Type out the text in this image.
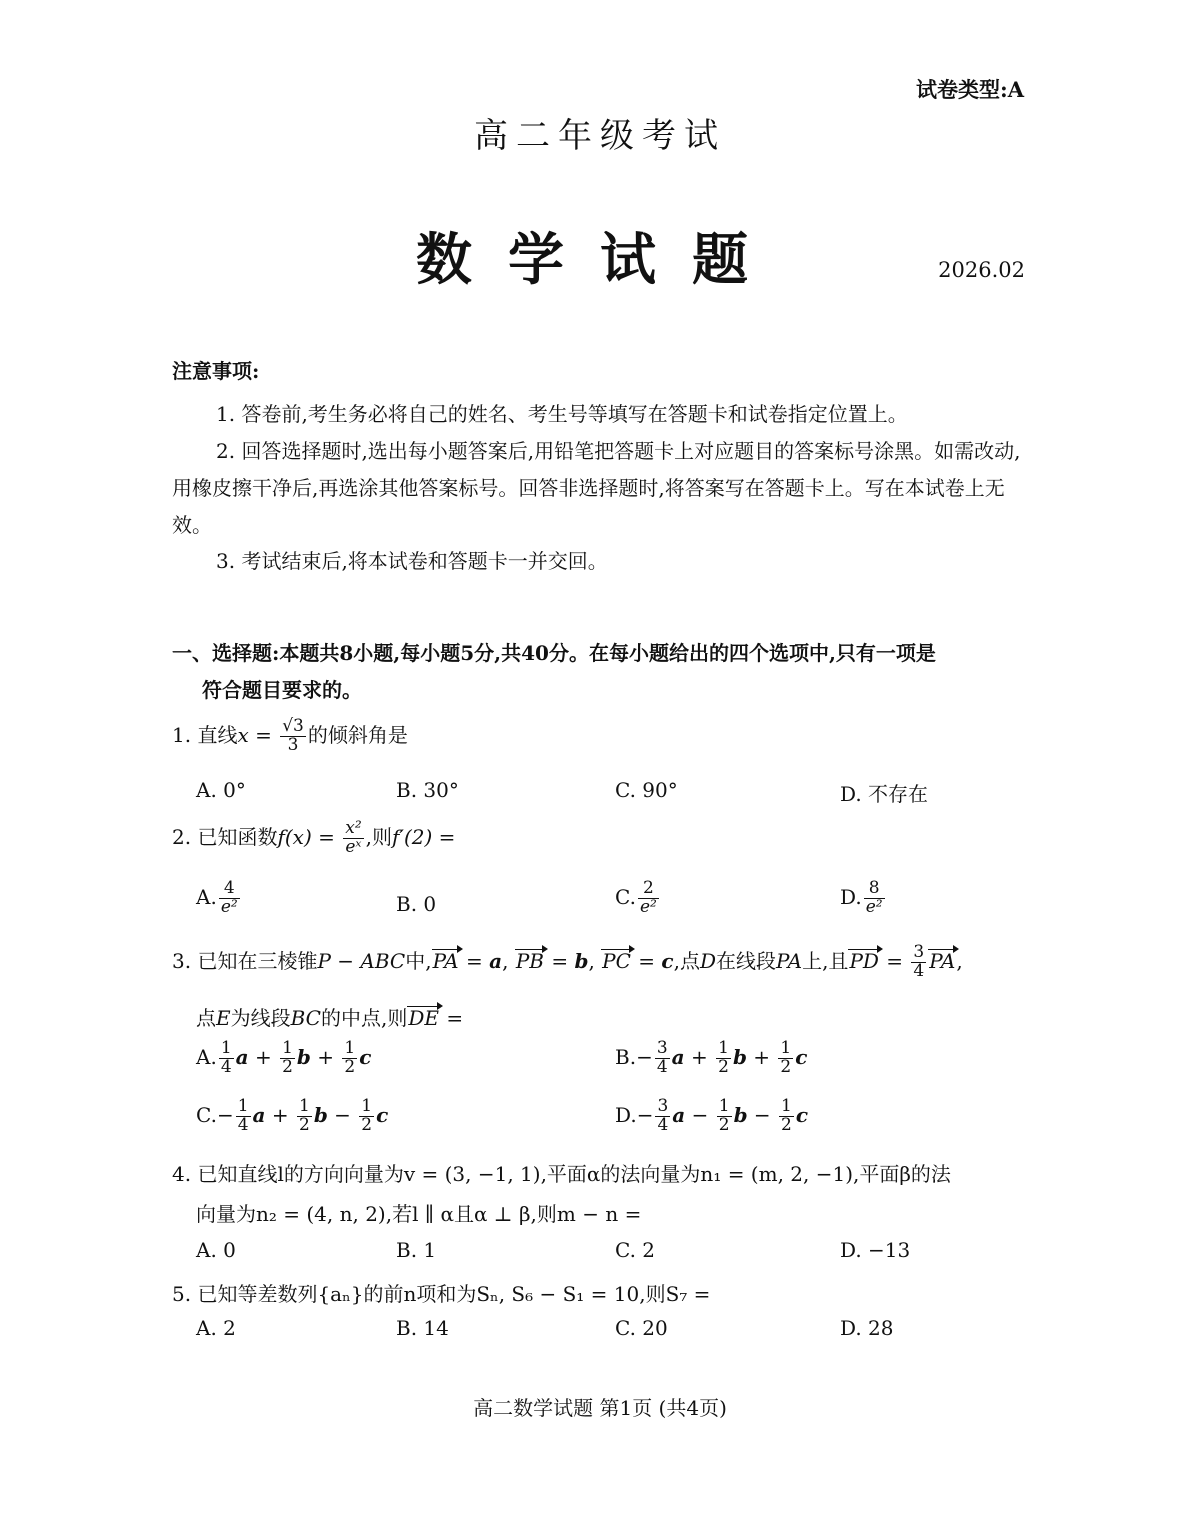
试卷类型:A
高二年级考试
数学试题	2026.02
注意事项:
1. 答卷前,考生务必将自己的姓名、考生号等填写在答题卡和试卷指定位置上。
2. 回答选择题时,选出每小题答案后,用铅笔把答题卡上对应题目的答案标号涂黑。如需改动,用橡皮擦干净后,再选涂其他答案标号。回答非选择题时,将答案写在答题卡上。写在本试卷上无效。
3. 考试结束后,将本试卷和答题卡一并交回。
一、选择题:本题共8小题,每小题5分,共40分。在每小题给出的四个选项中,只有一项是
符合题目要求的。
1. 直线$x = \frac{√3}{3}$ 的倾斜角是
A. 0°	B. 30°	C. 90°	D. 不存在
2. 已知函数$f(x) = \frac{\text{x²}}{\text{eˣ}}$ ,则f′(2) =
A. $\frac{4}{\text{e²}}$	B. 0	C. $\frac{2}{\text{e²}}$	D. $\frac{8}{\text{e²}}$
3. 已知在三棱锥P − ABC中,PA = a, PB = b, PC = c,点D在线段PA上,且PD = $\frac{3}{4}$ PA,
点E为线段BC的中点,则DE =
A. $\frac{1}{4}$ $a + \frac{1}{2}$ $b + \frac{1}{2}$ c	$B.- \frac{3}{4}$ $a + \frac{1}{2}$ $b + \frac{1}{2}$ c
$C.- \frac{1}{4}$ $a + \frac{1}{2}$ $b - \frac{1}{2}$ c	$D.- \frac{3}{4}$ $a - \frac{1}{2}$ $b - \frac{1}{2}$ c
4. 已知直线l的方向向量为v = (3, −1, 1),平面α的法向量为n₁ = (m, 2, −1),平面β的法
向量为n₂ = (4, n, 2),若l ∥ α且α ⊥ β,则m − n =
A. 0	B. 1	C. 2	D. −13
5. 已知等差数列{aₙ}的前n项和为Sₙ, S₆ − S₁ = 10,则S₇ =
A. 2	B. 14	C. 20	D. 28
高二数学试题 第1页 (共4页)
